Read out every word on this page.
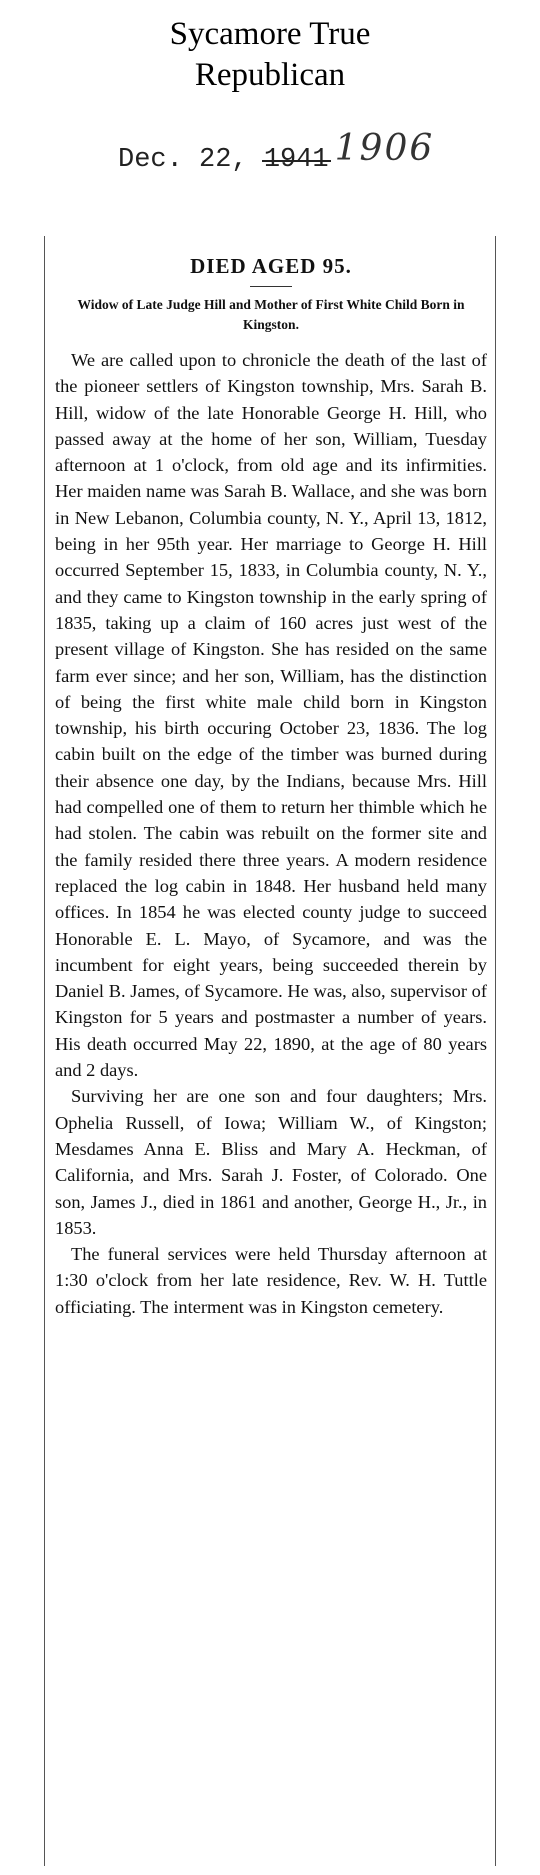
Sycamore True
Republican
Dec. 22, 1941 1906
DIED AGED 95.
Widow of Late Judge Hill and Mother of First White Child Born in Kingston.

We are called upon to chronicle the death of the last of the pioneer settlers of Kingston township, Mrs. Sarah B. Hill, widow of the late Honorable George H. Hill, who passed away at the home of her son, William, Tuesday afternoon at 1 o'clock, from old age and its infirmities. Her maiden name was Sarah B. Wallace, and she was born in New Lebanon, Columbia county, N. Y., April 13, 1812, being in her 95th year. Her marriage to George H. Hill occurred September 15, 1833, in Columbia county, N. Y., and they came to Kingston township in the early spring of 1835, taking up a claim of 160 acres just west of the present village of Kingston. She has resided on the same farm ever since; and her son, William, has the distinction of being the first white male child born in Kingston township, his birth occuring October 23, 1836. The log cabin built on the edge of the timber was burned during their absence one day, by the Indians, because Mrs. Hill had compelled one of them to return her thimble which he had stolen. The cabin was rebuilt on the former site and the family resided there three years. A modern residence replaced the log cabin in 1848. Her husband held many offices. In 1854 he was elected county judge to succeed Honorable E. L. Mayo, of Sycamore, and was the incumbent for eight years, being succeeded therein by Daniel B. James, of Sycamore. He was, also, supervisor of Kingston for 5 years and postmaster a number of years. His death occurred May 22, 1890, at the age of 80 years and 2 days.

Surviving her are one son and four daughters; Mrs. Ophelia Russell, of Iowa; William W., of Kingston; Mesdames Anna E. Bliss and Mary A. Heckman, of California, and Mrs. Sarah J. Foster, of Colorado. One son, James J., died in 1861 and another, George H., Jr., in 1853.

The funeral services were held Thursday afternoon at 1:30 o'clock from her late residence, Rev. W. H. Tuttle officiating. The interment was in Kingston cemetery.
